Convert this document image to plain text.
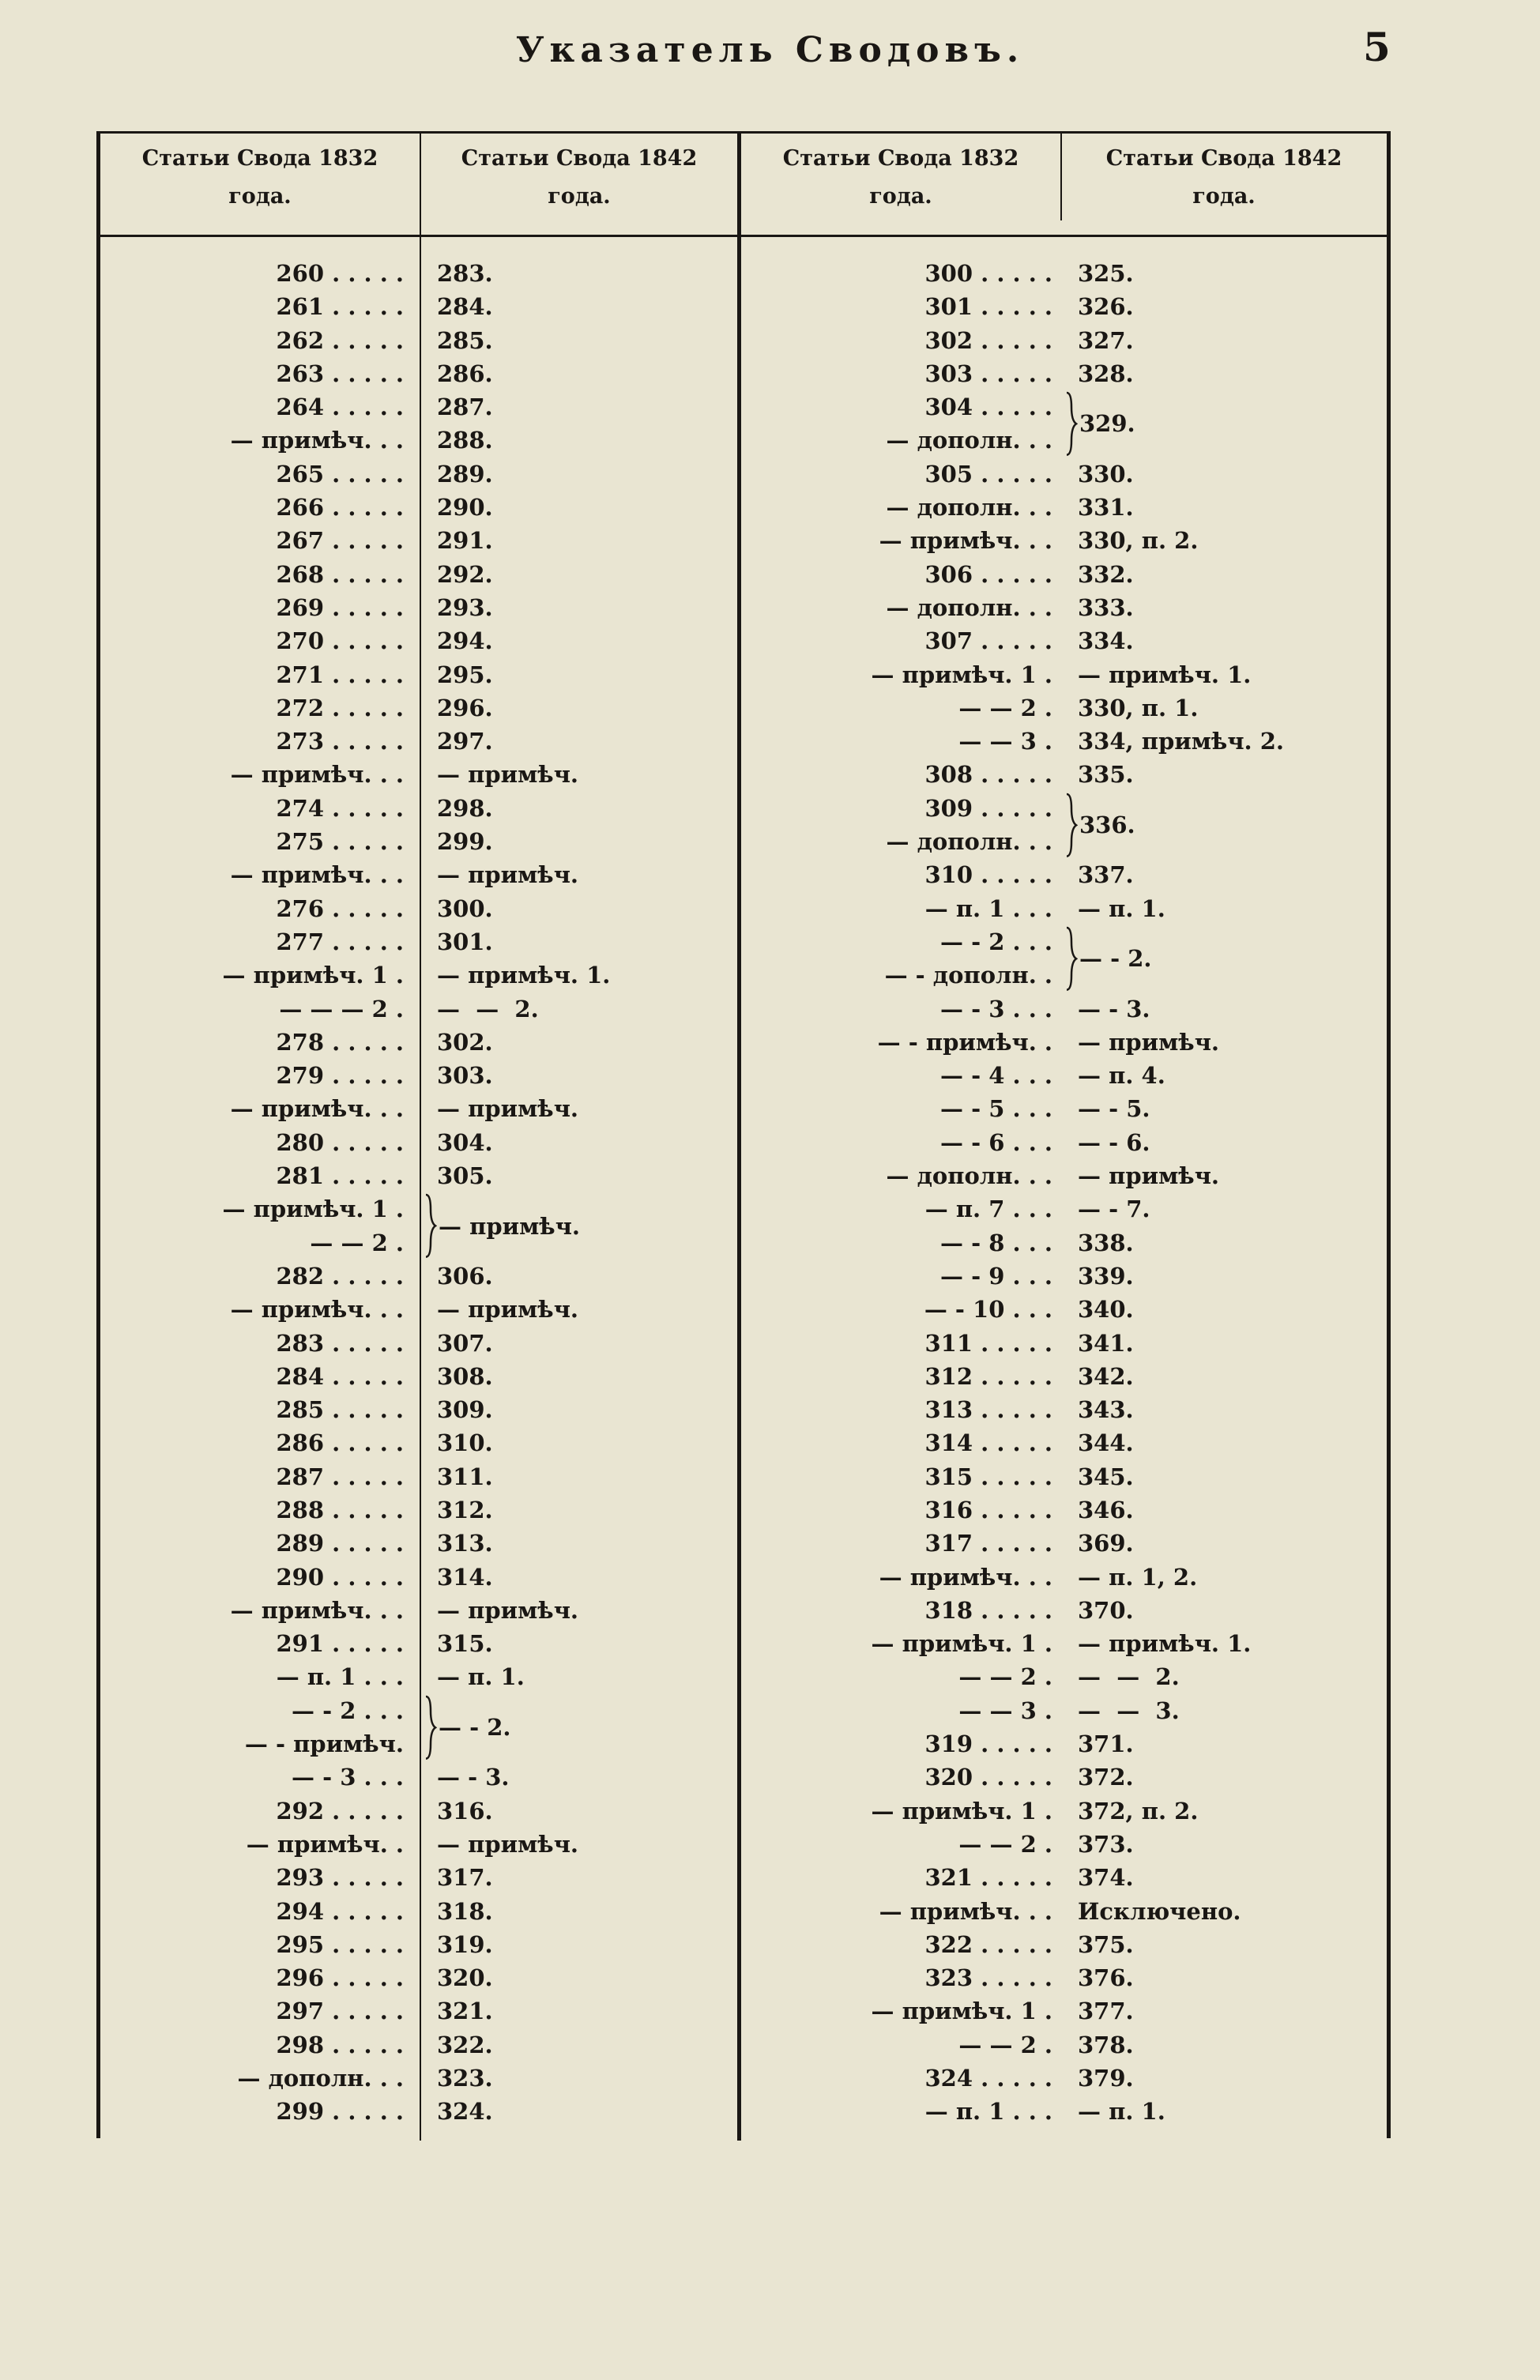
Указатель Сводовъ.	5
Статьи Свода 1832
года.
Статьи Свода 1842
года.
Статьи Свода 1832
года.
Статьи Свода 1842
года.
260 . . . . .
261 . . . . .
262 . . . . .
263 . . . . .
264 . . . . .
— примѣч. . .
265 . . . . .
266 . . . . .
267 . . . . .
268 . . . . .
269 . . . . .
270 . . . . .
271 . . . . .
272 . . . . .
273 . . . . .
— примѣч. . .
274 . . . . .
275 . . . . .
— примѣч. . .
276 . . . . .
277 . . . . .
— примѣч. 1 .
— — — 2 .
278 . . . . .
279 . . . . .
— примѣч. . .
280 . . . . .
281 . . . . .
— примѣч. 1 .
— — 2 .
282 . . . . .
— примѣч. . .
283 . . . . .
284 . . . . .
285 . . . . .
286 . . . . .
287 . . . . .
288 . . . . .
289 . . . . .
290 . . . . .
— примѣч. . .
291 . . . . .
— п. 1 . . .
— - 2 . . .
— - примѣч.
— - 3 . . .
292 . . . . .
— примѣч. .
293 . . . . .
294 . . . . .
295 . . . . .
296 . . . . .
297 . . . . .
298 . . . . .
— дополн. . .
299 . . . . .
283.
284.
285.
286.
287.
288.
289.
290.
291.
292.
293.
294.
295.
296.
297.
— примѣч.
298.
299.
— примѣч.
300.
301.
— примѣч. 1.
—  —  2.
302.
303.
— примѣч.
304.
305.
306.
— примѣч.
307.
308.
309.
310.
311.
312.
313.
314.
— примѣч.
315.
— п. 1.
— - 3.
316.
— примѣч.
317.
318.
319.
320.
321.
322.
323.
324.
300 . . . . .
301 . . . . .
302 . . . . .
303 . . . . .
304 . . . . .
— дополн. . .
305 . . . . .
— дополн. . .
— примѣч. . .
306 . . . . .
— дополн. . .
307 . . . . .
— примѣч. 1 .
— — 2 .
— — 3 .
308 . . . . .
309 . . . . .
— дополн. . .
310 . . . . .
— п. 1 . . .
— - 2 . . .
— - дополн. .
— - 3 . . .
— - примѣч. .
— - 4 . . .
— - 5 . . .
— - 6 . . .
— дополн. . .
— п. 7 . . .
— - 8 . . .
— - 9 . . .
— - 10 . . .
311 . . . . .
312 . . . . .
313 . . . . .
314 . . . . .
315 . . . . .
316 . . . . .
317 . . . . .
— примѣч. . .
318 . . . . .
— примѣч. 1 .
— — 2 .
— — 3 .
319 . . . . .
320 . . . . .
— примѣч. 1 .
— — 2 .
321 . . . . .
— примѣч. . .
322 . . . . .
323 . . . . .
— примѣч. 1 .
— — 2 .
324 . . . . .
— п. 1 . . .
325.
326.
327.
328.
330.
331.
330, п. 2.
332.
333.
334.
— примѣч. 1.
330, п. 1.
334, примѣч. 2.
335.
337.
— п. 1.
— - 3.
— примѣч.
— п. 4.
— - 5.
— - 6.
— примѣч.
— - 7.
338.
339.
340.
341.
342.
343.
344.
345.
346.
369.
— п. 1, 2.
370.
— примѣч. 1.
—  —  2.
—  —  3.
371.
372.
372, п. 2.
373.
374.
Исключено.
375.
376.
377.
378.
379.
— п. 1.
— примѣч.
— - 2.
329.
336.
— - 2.
